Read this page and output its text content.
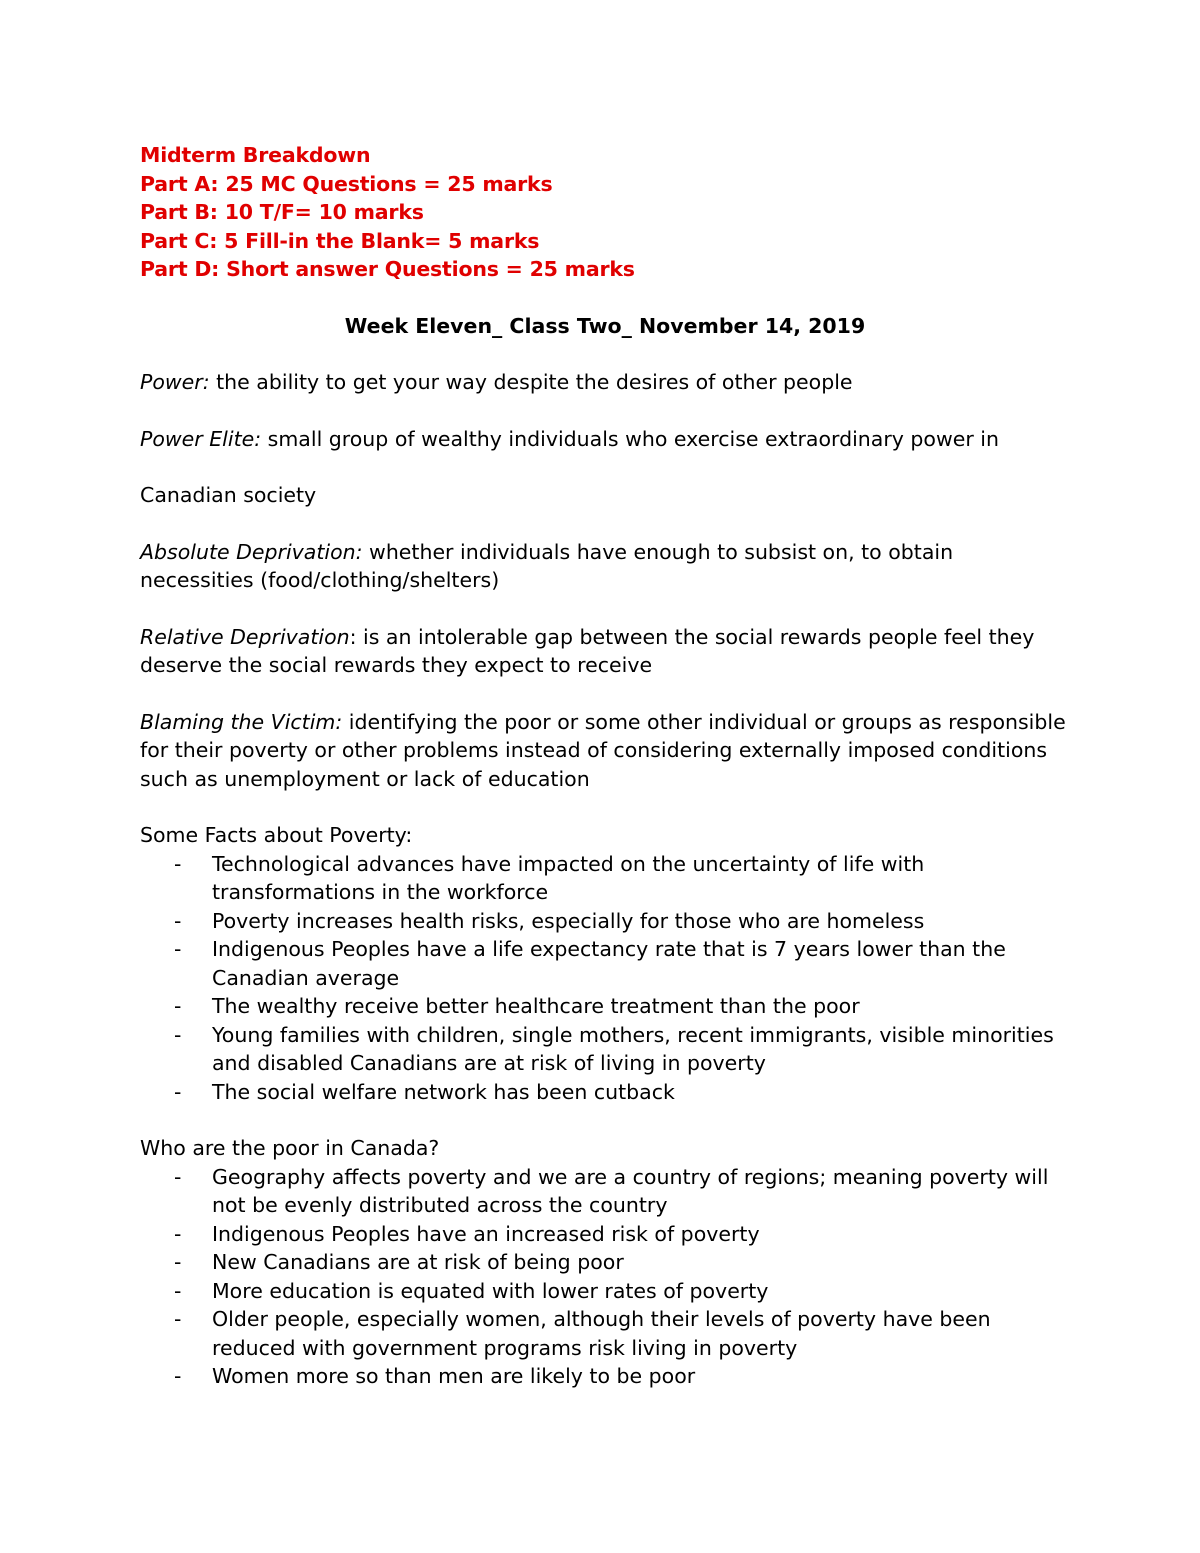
Midterm Breakdown
Part A: 25 MC Questions = 25 marks
Part B: 10 T/F= 10 marks
Part C: 5 Fill-in the Blank= 5 marks
Part D: Short answer Questions = 25 marks
Week Eleven_ Class Two_ November 14, 2019
Power: the ability to get your way despite the desires of other people
Power Elite: small group of wealthy individuals who exercise extraordinary power in
Canadian society
Absolute Deprivation: whether individuals have enough to subsist on, to obtain necessities (food/clothing/shelters)
Relative Deprivation: is an intolerable gap between the social rewards people feel they deserve the social rewards they expect to receive
Blaming the Victim: identifying the poor or some other individual or groups as responsible for their poverty or other problems instead of considering externally imposed conditions such as unemployment or lack of education
Some Facts about Poverty:
- Technological advances have impacted on the uncertainty of life with transformations in the workforce
- Poverty increases health risks, especially for those who are homeless
- Indigenous Peoples have a life expectancy rate that is 7 years lower than the Canadian average
- The wealthy receive better healthcare treatment than the poor
- Young families with children, single mothers, recent immigrants, visible minorities and disabled Canadians are at risk of living in poverty
- The social welfare network has been cutback
Who are the poor in Canada?
- Geography affects poverty and we are a country of regions; meaning poverty will not be evenly distributed across the country
- Indigenous Peoples have an increased risk of poverty
- New Canadians are at risk of being poor
- More education is equated with lower rates of poverty
- Older people, especially women, although their levels of poverty have been reduced with government programs risk living in poverty
- Women more so than men are likely to be poor
